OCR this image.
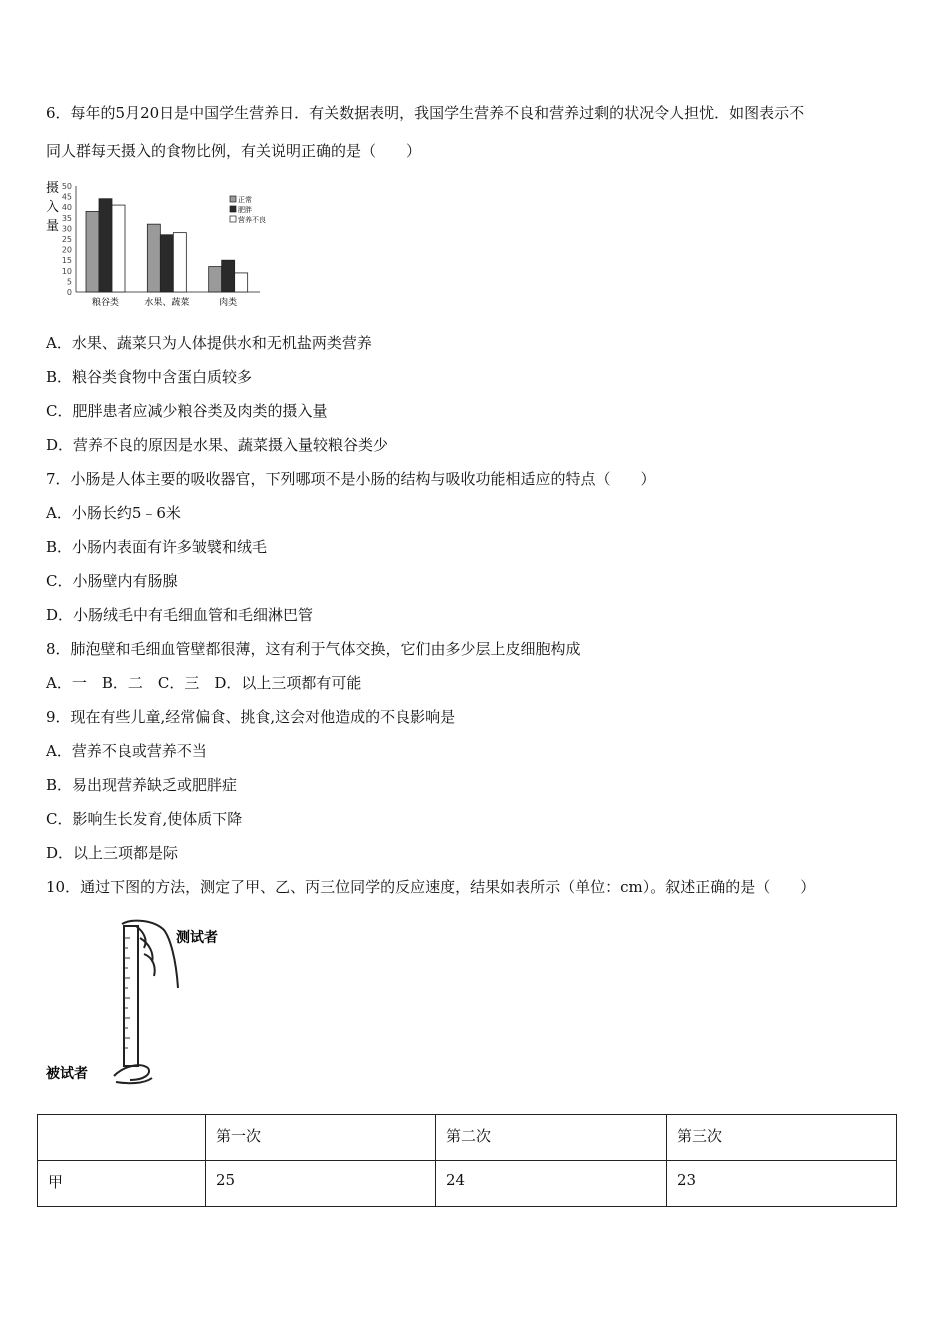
6．每年的5月20日是中国学生营养日．有关数据表明，我国学生营养不良和营养过剩的状况令人担忧．如图表示不
同人群每天摄入的食物比例，有关说明正确的是（　　）
摄
入
量
0
5
10
15
20
25
30
35
40
45
50
粮谷类	水果、蔬菜	肉类
正常
肥胖
营养不良
A．水果、蔬菜只为人体提供水和无机盐两类营养
B．粮谷类食物中含蛋白质较多
C．肥胖患者应减少粮谷类及肉类的摄入量
D．营养不良的原因是水果、蔬菜摄入量较粮谷类少
7．小肠是人体主要的吸收器官，下列哪项不是小肠的结构与吸收功能相适应的特点（　　）
A．小肠长约5﹣6米
B．小肠内表面有许多皱襞和绒毛
C．小肠壁内有肠腺
D．小肠绒毛中有毛细血管和毛细淋巴管
8．肺泡壁和毛细血管壁都很薄，这有利于气体交换，它们由多少层上皮细胞构成
A．一　B．二　C．三　D．以上三项都有可能
9．现在有些儿童,经常偏食、挑食,这会对他造成的不良影响是
A．营养不良或营养不当
B．易出现营养缺乏或肥胖症
C．影响生长发育,使体质下降
D．以上三项都是际
10．通过下图的方法，测定了甲、乙、丙三位同学的反应速度，结果如表所示（单位：cm）。叙述正确的是（　　）
测试者
被试者
	第一次	第二次	第三次
甲	25	24	23
